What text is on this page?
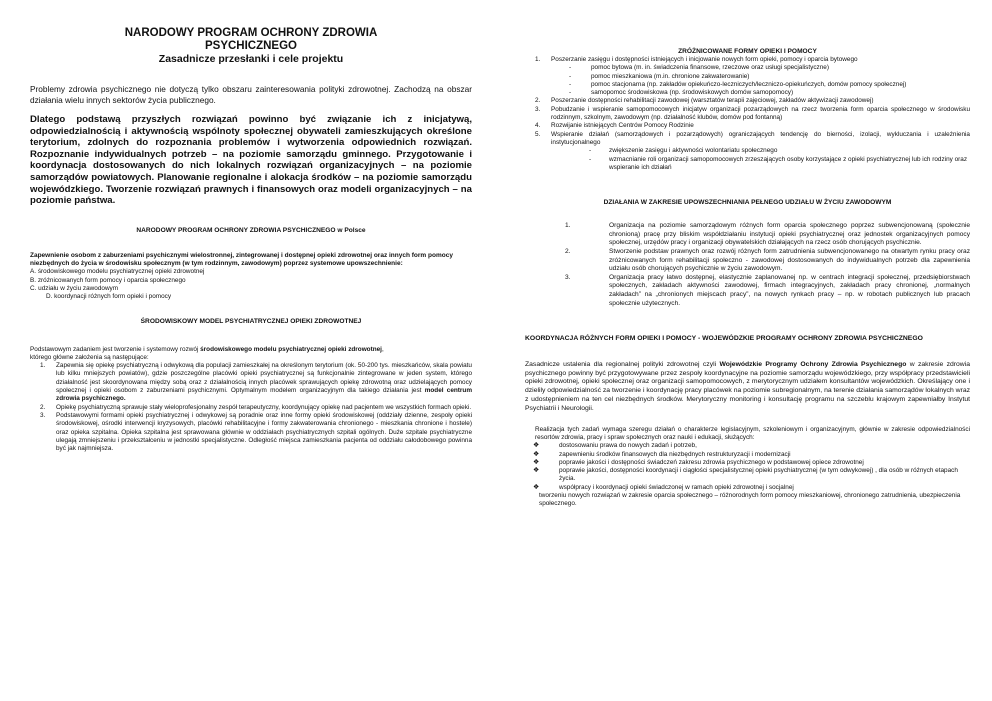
NARODOWY PROGRAM OCHRONY ZDROWIA
PSYCHICZNEGO
Zasadnicze przesłanki i cele projektu
Problemy zdrowia psychicznego nie dotyczą tylko obszaru zainteresowania polityki zdrowotnej. Zachodzą na obszar działania wielu innych sektorów życia publicznego.
Dlatego podstawą przyszłych rozwiązań powinno być związanie ich z inicjatywą, odpowiedzialnością i aktywnością wspólnoty społecznej obywateli zamieszkujących określone terytorium, zdolnych do rozpoznania problemów i wytworzenia odpowiednich rozwiązań. Rozpoznanie indywidualnych potrzeb – na poziomie samorządu gminnego. Przygotowanie i koordynacja dostosowanych do nich lokalnych rozwiązań organizacyjnych – na poziomie samorządów powiatowych. Planowanie regionalne i alokacja środków – na poziomie samorządu wojewódzkiego. Tworzenie rozwiązań prawnych i finansowych oraz modeli organizacyjnych – na poziomie państwa.
NARODOWY PROGRAM OCHRONY ZDROWIA PSYCHICZNEGO w Polsce
Zapewnienie osobom z zaburzeniami psychicznymi wielostronnej, zintegrowanej i dostępnej opieki zdrowotnej oraz innych form pomocy niezbędnych do życia w środowisku społecznym (w tym rodzinnym, zawodowym) poprzez systemowe upowszechnienie:
A. środowiskowego modelu psychiatrycznej opieki zdrowotnej
B. zróżnicowanych form pomocy i oparcia społecznego
C. udziału w życiu zawodowym
D. koordynacji różnych form opieki i pomocy
ŚRODOWISKOWY MODEL PSYCHIATRYCZNEJ OPIEKI ZDROWOTNEJ
Podstawowym zadaniem jest tworzenie i systemowy rozwój środowiskowego modelu psychiatrycznej opieki zdrowotnej,
którego główne założenia są następujące:
1.	Zapewnia się opiekę psychiatryczną i odwykową dla populacji zamieszkałej na określonym terytorium (ok. 50-200 tys. mieszkańców, skala powiatu lub kilku mniejszych powiatów), gdzie poszczególne placówki opieki psychiatrycznej są funkcjonalnie zintegrowane w jeden system, którego działalność jest skoordynowana między sobą oraz z działalnością innych placówek sprawujących opiekę zdrowotną oraz udzielających pomocy społecznej i opieki osobom z zaburzeniami psychicznymi. Optymalnym modelem organizacyjnym dla takiego działania jest model centrum zdrowia psychicznego.
2.	Opiekę psychiatryczną sprawuje stały wieloprofesjonalny zespół terapeutyczny, koordynujący opiekę nad pacjentem we wszystkich formach opieki.
3.	Podstawowymi formami opieki psychiatrycznej i odwykowej są poradnie oraz inne formy opieki środowiskowej (oddziały dzienne, zespoły opieki środowiskowej, ośrodki interwencji kryzysowych, placówki rehabilitacyjne i formy zakwaterowania chronionego - mieszkania chronione i hostele) oraz opieka szpitalna. Opieka szpitalna jest sprawowana głównie w oddziałach psychiatrycznych szpitali ogólnych. Duże szpitale psychiatryczne ulegają zmniejszeniu i przekształceniu w jednostki specjalistyczne. Odległość miejsca zamieszkania pacjenta od oddziału całodobowego powinna być jak najmniejsza.
ZRÓŻNICOWANE FORMY OPIEKI I POMOCY
1.	Poszerzanie zasięgu i dostępności istniejących i inicjowanie nowych form opieki, pomocy i oparcia bytowego
-	pomoc bytowa (m. in. świadczenia finansowe, rzeczowe oraz usługi specjalistyczne)
-	pomoc mieszkaniowa (m.in. chronione zakwaterowanie)
-	pomoc stacjonarna (np. zakładów opiekuńczo-leczniczych/leczniczo-opiekuńczych, domów pomocy społecznej)
-	samopomoc środowiskowa (np. środowiskowych domów samopomocy)
2.	Poszerzanie dostępności rehabilitacji zawodowej (warsztatów terapii zajęciowej, zakładów aktywizacji zawodowej)
3.	Pobudzanie i wspieranie samopomocowych inicjatyw organizacji pozarządowych na rzecz tworzenia form oparcia społecznego w środowisku rodzinnym, szkolnym, zawodowym (np. działalność klubów, domów pod fontanną)
4.	Rozwijanie istniejących Centrów Pomocy Rodzinie
5.	Wspieranie działań (samorządowych i pozarządowych) ograniczających tendencję do bierności, izolacji, wykluczania i uzależnienia instytucjonalnego
-	zwiększenie zasięgu i aktywności wolontariatu społecznego
-	wzmacnianie roli organizacji samopomocowych zrzeszających osoby korzystające z opieki psychiatrycznej lub ich rodziny oraz wspieranie ich działań
DZIAŁANIA W ZAKRESIE UPOWSZECHNIANIA PEŁNEGO UDZIAŁU W ŻYCIU ZAWODOWYM
1.	Organizacja na poziomie samorządowym różnych form oparcia społecznego poprzez subwencjonowaną (społecznie chronioną) pracę przy bliskim współdziałaniu instytucji opieki psychiatrycznej oraz jednostek organizacyjnych pomocy społecznej, urzędów pracy i organizacji obywatelskich działających na rzecz osób chorujących psychicznie.
2.	Stworzenie podstaw prawnych oraz rozwój różnych form zatrudnienia subwencjonowanego na otwartym rynku pracy oraz zróżnicowanych form rehabilitacji społeczno - zawodowej dostosowanych do indywidualnych potrzeb dla zapewnienia udziału osób chorujących psychicznie w życiu zawodowym.
3.	Organizacja pracy łatwo dostępnej, elastycznie zaplanowanej np. w centrach integracji społecznej, przedsiębiorstwach społecznych, zakładach aktywności zawodowej, firmach integracyjnych, zakładach pracy chronionej, „normalnych zakładach” na „chronionych miejscach pracy”, na nowych rynkach pracy – np. w robotach publicznych lub pracach społecznie użytecznych.
KOORDYNACJA RÓŻNYCH FORM OPIEKI I POMOCY - WOJEWÓDZKIE PROGRAMY OCHRONY ZDROWIA PSYCHICZNEGO
Zasadnicze ustalenia dla regionalnej polityki zdrowotnej czyli Wojewódzkie Programy Ochrony Zdrowia Psychicznego w zakresie zdrowia psychicznego powinny być przygotowywane przez zespoły koordynacyjne na poziomie samorządu wojewódzkiego, przy współpracy przedstawicieli opieki zdrowotnej, opieki społecznej oraz organizacji samopomocowych, z merytorycznym udziałem konsultantów wojewódzkich. Określający one i dzielily odpowiedzialność za tworzenie i koordynację pracy placówek na poziomie subregionalnym, na terenie działania samorządów lokalnych wraz z udostępnieniem na ten cel niezbędnych środków. Merytoryczny monitoring i konsultację programu na szczeblu krajowym zapewniałby Instytut Psychiatrii i Neurologii.
Realizacja tych zadań wymaga szeregu działań o charakterze legislacyjnym, szkoleniowym i organizacyjnym, głównie w zakresie odpowiedzialności resortów zdrowia, pracy i spraw społecznych oraz nauki i edukacji, służących:
❖	dostosowaniu prawa do nowych zadań i potrzeb,
❖	zapewnieniu środków finansowych dla niezbędnych restrukturyzacji i modernizacji
❖	poprawie jakości i dostępności świadczeń zakresu zdrowia psychicznego w podstawowej opiece zdrowotnej
❖	poprawie jakości, dostępności koordynacji i ciągłości specjalistycznej opieki psychiatrycznej (w tym odwykowej) , dla osób w różnych etapach życia.
❖	współpracy i koordynacji opieki świadczonej w ramach opieki zdrowotnej i socjalnej
tworzeniu nowych rozwiązań w zakresie oparcia społecznego – różnorodnych form pomocy mieszkaniowej, chronionego zatrudnienia, ubezpieczenia społecznego.
